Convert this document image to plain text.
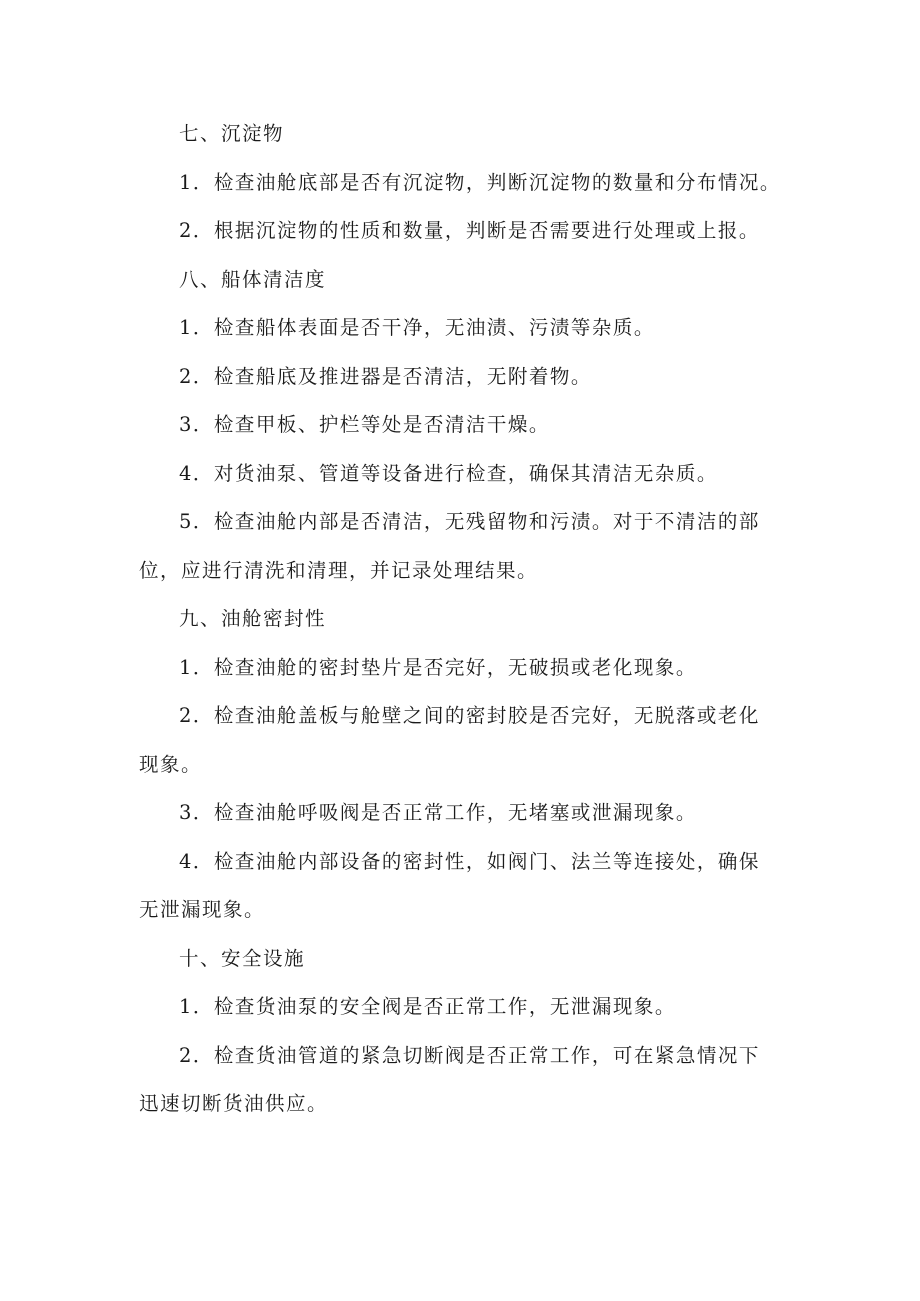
七、沉淀物
1．检查油舱底部是否有沉淀物，判断沉淀物的数量和分布情况。
2．根据沉淀物的性质和数量，判断是否需要进行处理或上报。
八、船体清洁度
1．检查船体表面是否干净，无油渍、污渍等杂质。
2．检查船底及推进器是否清洁，无附着物。
3．检查甲板、护栏等处是否清洁干燥。
4．对货油泵、管道等设备进行检查，确保其清洁无杂质。
5．检查油舱内部是否清洁，无残留物和污渍。对于不清洁的部
位，应进行清洗和清理，并记录处理结果。
九、油舱密封性
1．检查油舱的密封垫片是否完好，无破损或老化现象。
2．检查油舱盖板与舱壁之间的密封胶是否完好，无脱落或老化
现象。
3．检查油舱呼吸阀是否正常工作，无堵塞或泄漏现象。
4．检查油舱内部设备的密封性，如阀门、法兰等连接处，确保
无泄漏现象。
十、安全设施
1．检查货油泵的安全阀是否正常工作，无泄漏现象。
2．检查货油管道的紧急切断阀是否正常工作，可在紧急情况下
迅速切断货油供应。
